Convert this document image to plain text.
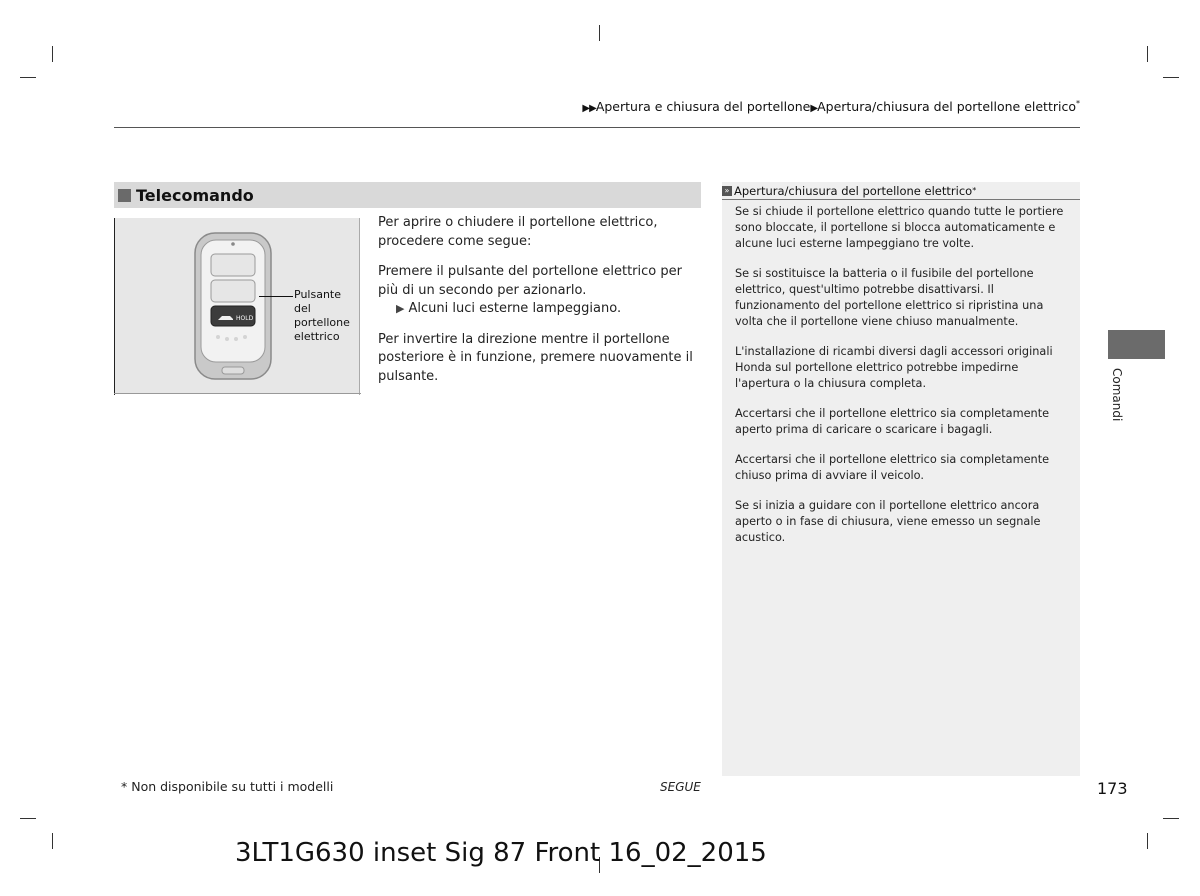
▶▶Apertura e chiusura del portellone▶Apertura/chiusura del portellone elettrico*
Telecomando
HOLD
Pulsante
del
portellone
elettrico

Per aprire o chiudere il portellone elettrico, procedere come segue:

Premere il pulsante del portellone elettrico per più di un secondo per azionarlo.

▶ Alcuni luci esterne lampeggiano.

Per invertire la direzione mentre il portellone posteriore è in funzione, premere nuovamente il pulsante.

» Apertura/chiusura del portellone elettrico *

Se si chiude il portellone elettrico quando tutte le portiere sono bloccate, il portellone si blocca automaticamente e alcune luci esterne lampeggiano tre volte.

Se si sostituisce la batteria o il fusibile del portellone elettrico, quest'ultimo potrebbe disattivarsi. Il funzionamento del portellone elettrico si ripristina una volta che il portellone viene chiuso manualmente.

L'installazione di ricambi diversi dagli accessori originali Honda sul portellone elettrico potrebbe impedirne l'apertura o la chiusura completa.

Accertarsi che il portellone elettrico sia completamente aperto prima di caricare o scaricare i bagagli.

Accertarsi che il portellone elettrico sia completamente chiuso prima di avviare il veicolo.

Se si inizia a guidare con il portellone elettrico ancora aperto o in fase di chiusura, viene emesso un segnale acustico.

Comandi
* Non disponibile su tutti i modelli	SEGUE	173
3LT1G630 inset Sig 87 Front 16_02_2015
